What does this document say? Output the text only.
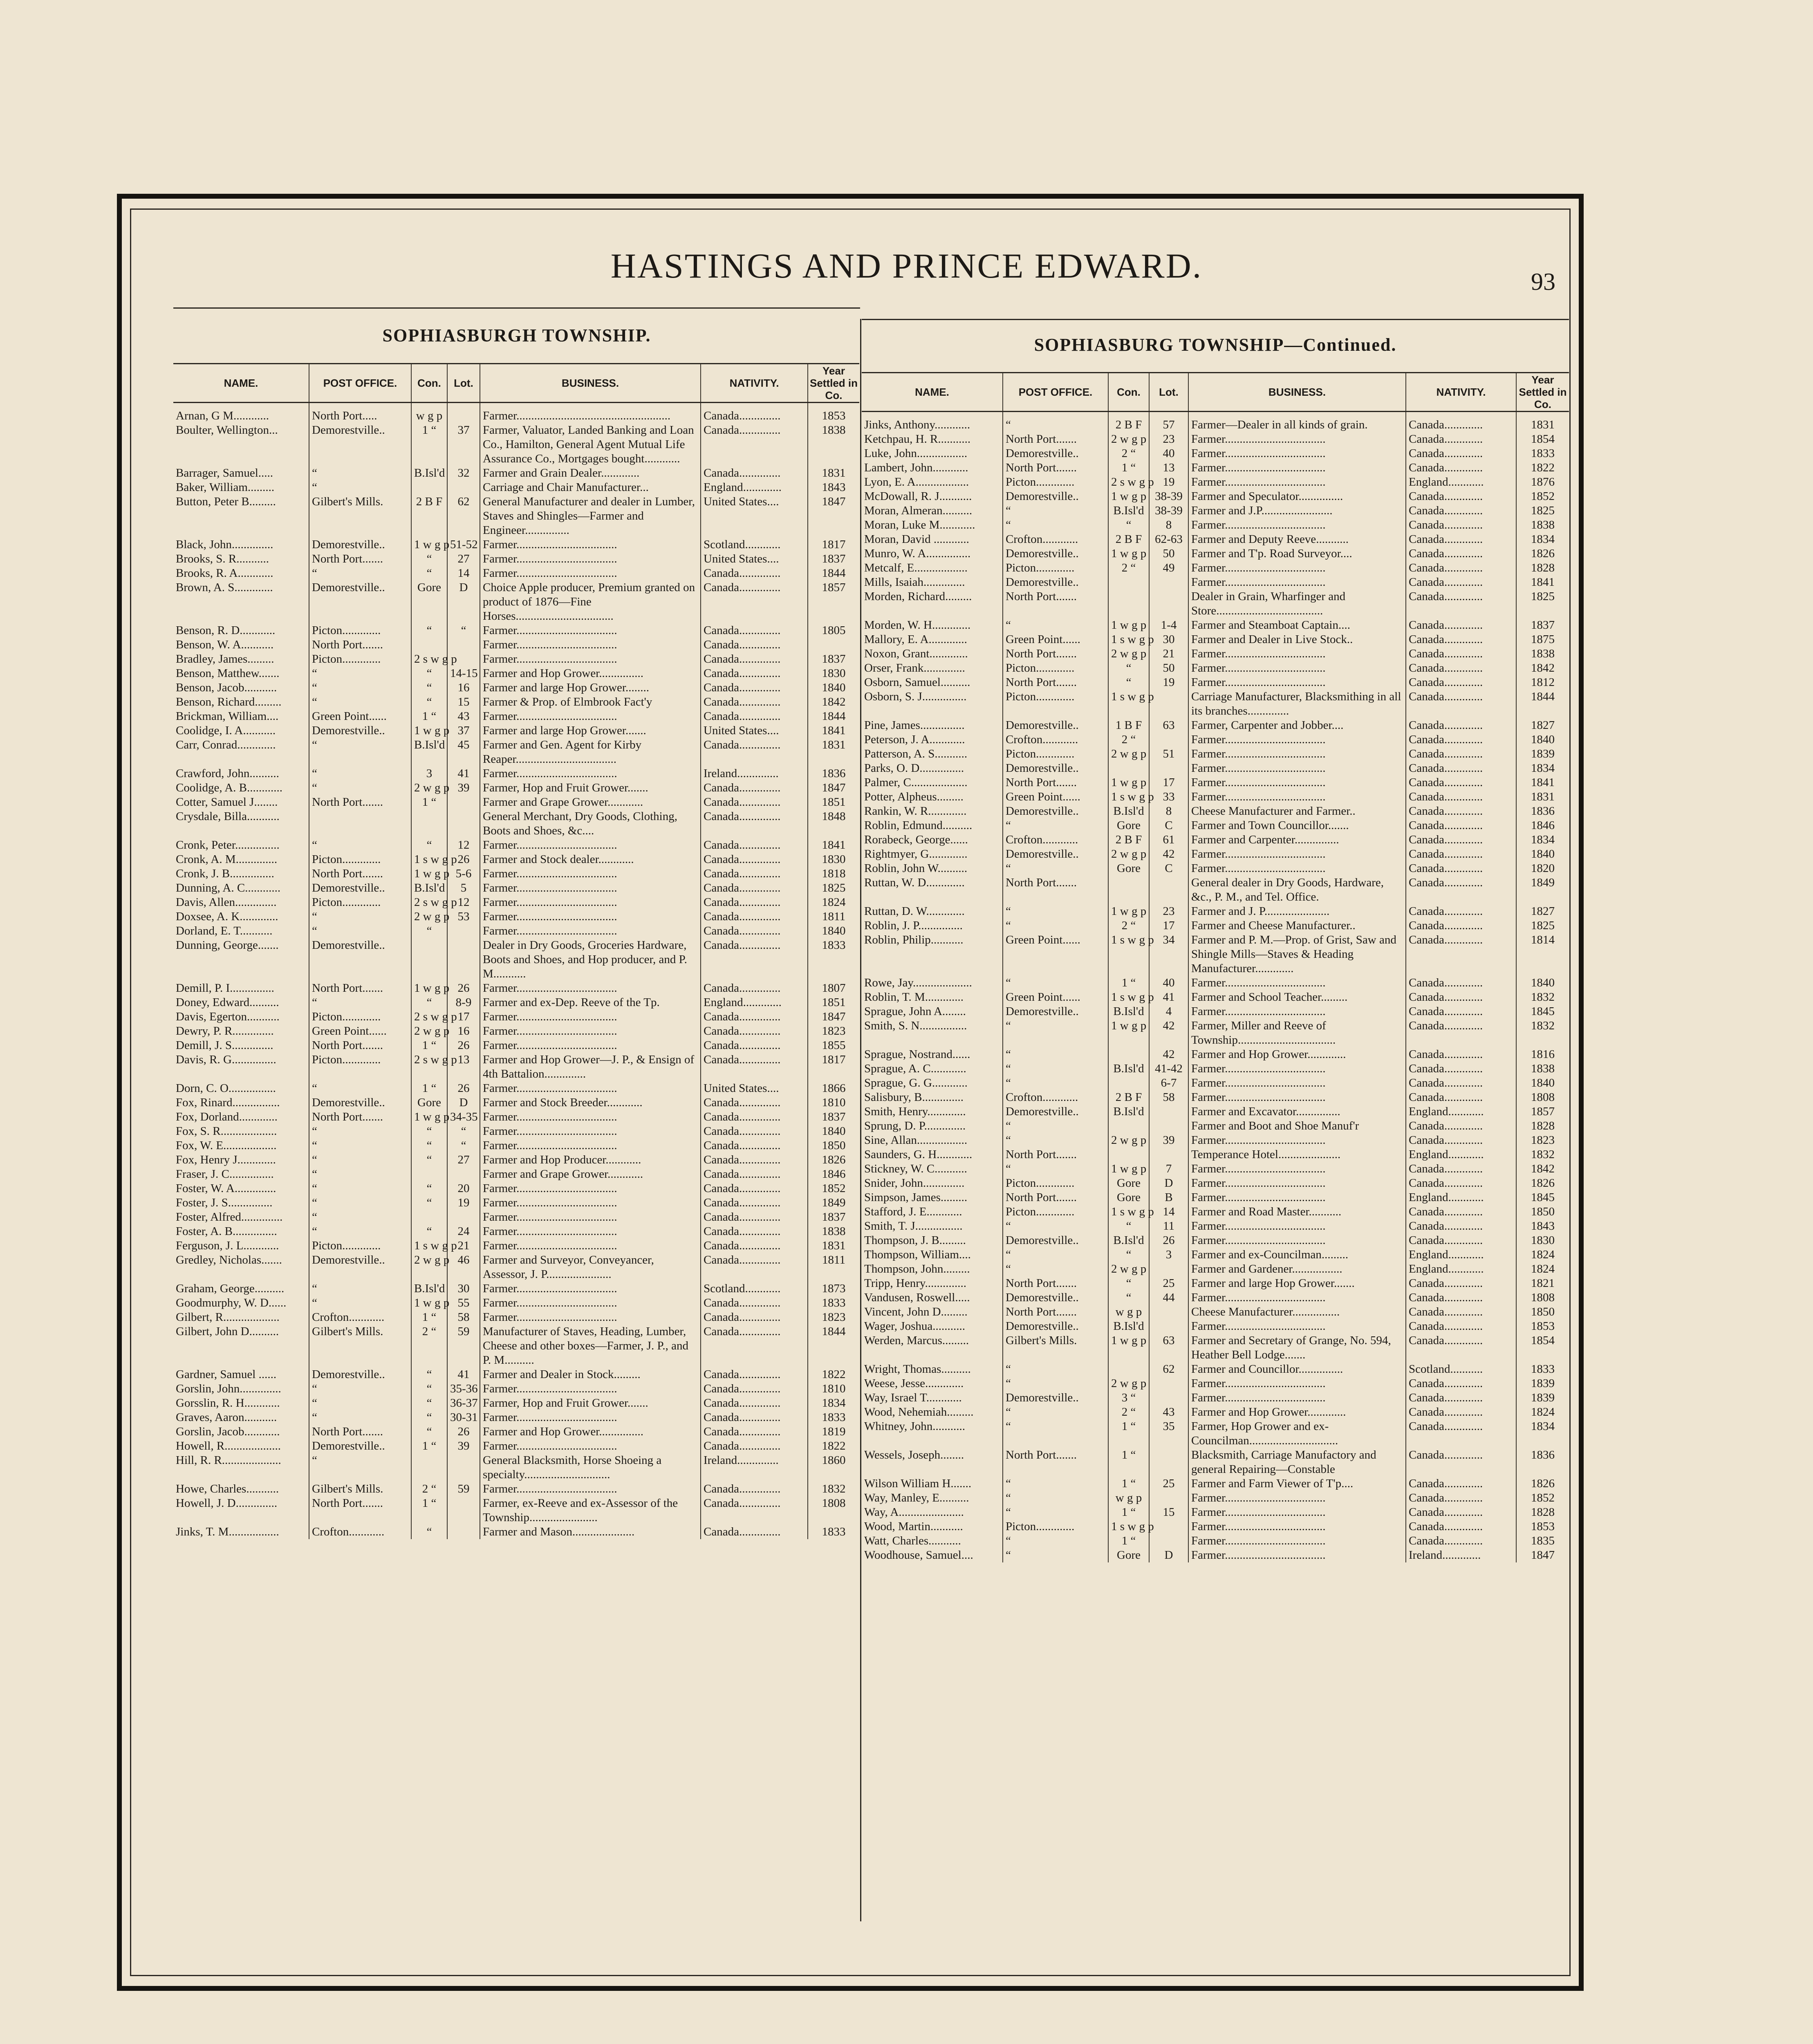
HASTINGS AND PRINCE EDWARD.	93
SOPHIASBURGH TOWNSHIP.	SOPHIASBURG TOWNSHIP—Continued.
NAME.	POST OFFICE.	Con.	Lot.	BUSINESS.	NATIVITY.	Year Settled in Co.
Arnan, G M............	North Port.....	w g p		Farmer....................................................	Canada..............	1853
Boulter, Wellington...	Demorestville..	1 “	37	Farmer, Valuator, Landed Banking and Loan Co., Hamilton, General Agent Mutual Life Assurance Co., Mortgages bought............	Canada..............	1838
Barrager, Samuel.....	“	B.Isl'd	32	Farmer and Grain Dealer.............	Canada..............	1831
Baker, William.........	“			Carriage and Chair Manufacturer...	England.............	1843
Button, Peter B.........	Gilbert's Mills.	2 B F	62	General Manufacturer and dealer in Lumber, Staves and Shingles—Farmer and Engineer...............	United States....	1847
Black, John..............	Demorestville..	1 w g p	51-52	Farmer..................................	Scotland............	1817
Brooks, S. R...........	North Port.......	“	27	Farmer..................................	United States....	1837
Brooks, R. A............	“	“	14	Farmer..................................	Canada..............	1844
Brown, A. S.............	Demorestville..	Gore	D	Choice Apple producer, Premium granted on product of 1876—Fine Horses.................................	Canada..............	1857
Benson, R. D............	Picton.............	“	“	Farmer..................................	Canada..............	1805
Benson, W. A...........	North Port.......			Farmer..................................	Canada..............	
Bradley, James.........	Picton.............	2 s w g p		Farmer..................................	Canada..............	1837
Benson, Matthew.......	“	“	14-15	Farmer and Hop Grower...............	Canada..............	1830
Benson, Jacob...........	“	“	16	Farmer and large Hop Grower........	Canada..............	1840
Benson, Richard.........	“	“	15	Farmer & Prop. of Elmbrook Fact'y	Canada..............	1842
Brickman, William....	Green Point......	1 “	43	Farmer..................................	Canada..............	1844
Coolidge, I. A...........	Demorestville..	1 w g p	37	Farmer and large Hop Grower.......	United States....	1841
Carr, Conrad.............	“	B.Isl'd	45	Farmer and Gen. Agent for Kirby Reaper..................................	Canada..............	1831
Crawford, John..........	“	3	41	Farmer..................................	Ireland..............	1836
Coolidge, A. B............	“	2 w g p	39	Farmer, Hop and Fruit Grower.......	Canada..............	1847
Cotter, Samuel J........	North Port.......	1 “		Farmer and Grape Grower............	Canada..............	1851
Crysdale, Billa...........				General Merchant, Dry Goods, Clothing, Boots and Shoes, &c....	Canada..............	1848
Cronk, Peter...............	“	“	12	Farmer..................................	Canada..............	1841
Cronk, A. M..............	Picton.............	1 s w g p	26	Farmer and Stock dealer............	Canada..............	1830
Cronk, J. B...............	North Port.......	1 w g p	5-6	Farmer..................................	Canada..............	1818
Dunning, A. C............	Demorestville..	B.Isl'd	5	Farmer..................................	Canada..............	1825
Davis, Allen..............	Picton.............	2 s w g p	12	Farmer..................................	Canada..............	1824
Doxsee, A. K.............	“	2 w g p	53	Farmer..................................	Canada..............	1811
Dorland, E. T...........	“	“		Farmer..................................	Canada..............	1840
Dunning, George.......	Demorestville..			Dealer in Dry Goods, Groceries Hardware, Boots and Shoes, and Hop producer, and P. M...........	Canada..............	1833
Demill, P. I...............	North Port.......	1 w g p	26	Farmer..................................	Canada..............	1807
Doney, Edward..........	“	“	8-9	Farmer and ex-Dep. Reeve of the Tp.	England.............	1851
Davis, Egerton...........	Picton.............	2 s w g p	17	Farmer..................................	Canada..............	1847
Dewry, P. R..............	Green Point......	2 w g p	16	Farmer..................................	Canada..............	1823
Demill, J. S..............	North Port.......	1 “	26	Farmer..................................	Canada..............	1855
Davis, R. G...............	Picton.............	2 s w g p	13	Farmer and Hop Grower—J. P., & Ensign of 4th Battalion..............	Canada..............	1817
Dorn, C. O................	“	1 “	26	Farmer..................................	United States....	1866
Fox, Rinard................	Demorestville..	Gore	D	Farmer and Stock Breeder............	Canada..............	1810
Fox, Dorland.............	North Port.......	1 w g p	34-35	Farmer..................................	Canada..............	1837
Fox, S. R...................	“	“	“	Farmer..................................	Canada..............	1840
Fox, W. E..................	“	“	“	Farmer..................................	Canada..............	1850
Fox, Henry J.............	“	“	27	Farmer and Hop Producer............	Canada..............	1826
Fraser, J. C...............	“			Farmer and Grape Grower............	Canada..............	1846
Foster, W. A..............	“	“	20	Farmer..................................	Canada..............	1852
Foster, J. S...............	“	“	19	Farmer..................................	Canada..............	1849
Foster, Alfred..............	“			Farmer..................................	Canada..............	1837
Foster, A. B...............	“	“	24	Farmer..................................	Canada..............	1838
Ferguson, J. L............	Picton.............	1 s w g p	21	Farmer..................................	Canada..............	1831
Gredley, Nicholas.......	Demorestville..	2 w g p	46	Farmer and Surveyor, Conveyancer, Assessor, J. P......................	Canada..............	1811
Graham, George..........	“	B.Isl'd	30	Farmer..................................	Scotland............	1873
Goodmurphy, W. D......	“	1 w g p	55	Farmer..................................	Canada..............	1833
Gilbert, R...................	Crofton............	1 “	58	Farmer..................................	Canada..............	1823
Gilbert, John D..........	Gilbert's Mills.	2 “	59	Manufacturer of Staves, Heading, Lumber, Cheese and other boxes—Farmer, J. P., and P. M..........	Canada..............	1844
Gardner, Samuel ......	Demorestville..	“	41	Farmer and Dealer in Stock.........	Canada..............	1822
Gorslin, John..............	“	“	35-36	Farmer..................................	Canada..............	1810
Gorsslin, R. H............	“	“	36-37	Farmer, Hop and Fruit Grower.......	Canada..............	1834
Graves, Aaron...........	“	“	30-31	Farmer..................................	Canada..............	1833
Gorslin, Jacob............	North Port.......	“	26	Farmer and Hop Grower...............	Canada..............	1819
Howell, R...................	Demorestville..	1 “	39	Farmer..................................	Canada..............	1822
Hill, R. R....................	“			General Blacksmith, Horse Shoeing a specialty.............................	Ireland..............	1860
Howe, Charles...........	Gilbert's Mills.	2 “	59	Farmer..................................	Canada..............	1832
Howell, J. D..............	North Port.......	1 “		Farmer, ex-Reeve and ex-Assessor of the Township.......................	Canada..............	1808
Jinks, T. M.................	Crofton............	“		Farmer and Mason.....................	Canada..............	1833
NAME.	POST OFFICE.	Con.	Lot.	BUSINESS.	NATIVITY.	Year Settled in Co.
Jinks, Anthony............	“	2 B F	57	Farmer—Dealer in all kinds of grain.	Canada.............	1831
Ketchpau, H. R...........	North Port.......	2 w g p	23	Farmer..................................	Canada.............	1854
Luke, John.................	Demorestville..	2 “	40	Farmer..................................	Canada.............	1833
Lambert, John............	North Port.......	1 “	13	Farmer..................................	Canada.............	1822
Lyon, E. A..................	Picton.............	2 s w g p	19	Farmer..................................	England............	1876
McDowall, R. J...........	Demorestville..	1 w g p	38-39	Farmer and Speculator...............	Canada.............	1852
Moran, Almeran..........	“	B.Isl'd	38-39	Farmer and J.P........................	Canada.............	1825
Moran, Luke M............	“	“	8	Farmer..................................	Canada.............	1838
Moran, David ............	Crofton............	2 B F	62-63	Farmer and Deputy Reeve...........	Canada.............	1834
Munro, W. A...............	Demorestville..	1 w g p	50	Farmer and T'p. Road Surveyor....	Canada.............	1826
Metcalf, E..................	Picton.............	2 “	49	Farmer..................................	Canada.............	1828
Mills, Isaiah..............	Demorestville..			Farmer..................................	Canada.............	1841
Morden, Richard.........	North Port.......			Dealer in Grain, Wharfinger and Store....................................	Canada.............	1825
Morden, W. H.............	“	1 w g p	1-4	Farmer and Steamboat Captain....	Canada.............	1837
Mallory, E. A.............	Green Point......	1 s w g p	30	Farmer and Dealer in Live Stock..	Canada.............	1875
Noxon, Grant.............	North Port.......	2 w g p	21	Farmer..................................	Canada.............	1838
Orser, Frank..............	Picton.............	“	50	Farmer..................................	Canada.............	1842
Osborn, Samuel..........	North Port.......	“	19	Farmer..................................	Canada.............	1812
Osborn, S. J...............	Picton.............	1 s w g p		Carriage Manufacturer, Blacksmithing in all its branches..............	Canada.............	1844
Pine, James...............	Demorestville..	1 B F	63	Farmer, Carpenter and Jobber....	Canada.............	1827
Peterson, J. A............	Crofton............	2 “		Farmer..................................	Canada.............	1840
Patterson, A. S...........	Picton.............	2 w g p	51	Farmer..................................	Canada.............	1839
Parks, O. D...............	Demorestville..			Farmer..................................	Canada.............	1834
Palmer, C...................	North Port.......	1 w g p	17	Farmer..................................	Canada.............	1841
Potter, Alpheus.........	Green Point......	1 s w g p	33	Farmer..................................	Canada.............	1831
Rankin, W. R.............	Demorestville..	B.Isl'd	8	Cheese Manufacturer and Farmer..	Canada.............	1836
Roblin, Edmund..........	“	Gore	C	Farmer and Town Councillor.......	Canada.............	1846
Rorabeck, George......	Crofton............	2 B F	61	Farmer and Carpenter...............	Canada.............	1834
Rightmyer, G.............	Demorestville..	2 w g p	42	Farmer..................................	Canada.............	1840
Roblin, John W..........	“	Gore	C	Farmer..................................	Canada.............	1820
Ruttan, W. D.............	North Port.......			General dealer in Dry Goods, Hardware, &c., P. M., and Tel. Office.	Canada.............	1849
Ruttan, D. W.............	“	1 w g p	23	Farmer and J. P......................	Canada.............	1827
Roblin, J. P...............	“	2 “	17	Farmer and Cheese Manufacturer..	Canada.............	1825
Roblin, Philip...........	Green Point......	1 s w g p	34	Farmer and P. M.—Prop. of Grist, Saw and Shingle Mills—Staves & Heading Manufacturer.............	Canada.............	1814
Rowe, Jay....................	“	1 “	40	Farmer..................................	Canada.............	1840
Roblin, T. M.............	Green Point......	1 s w g p	41	Farmer and School Teacher.........	Canada.............	1832
Sprague, John A........	Demorestville..	B.Isl'd	4	Farmer..................................	Canada.............	1845
Smith, S. N................	“	1 w g p	42	Farmer, Miller and Reeve of Township.................................	Canada.............	1832
Sprague, Nostrand......	“		42	Farmer and Hop Grower.............	Canada.............	1816
Sprague, A. C............	“	B.Isl'd	41-42	Farmer..................................	Canada.............	1838
Sprague, G. G............	“		6-7	Farmer..................................	Canada.............	1840
Salisbury, B..............	Crofton............	2 B F	58	Farmer..................................	Canada.............	1808
Smith, Henry.............	Demorestville..	B.Isl'd		Farmer and Excavator...............	England............	1857
Sprung, D. P..............	“			Farmer and Boot and Shoe Manuf'r	Canada.............	1828
Sine, Allan.................	“	2 w g p	39	Farmer..................................	Canada.............	1823
Saunders, G. H............	North Port.......			Temperance Hotel.....................	England............	1832
Stickney, W. C...........	“	1 w g p	7	Farmer..................................	Canada.............	1842
Snider, John..............	Picton.............	Gore	D	Farmer..................................	Canada.............	1826
Simpson, James.........	North Port.......	Gore	B	Farmer..................................	England............	1845
Stafford, J. E............	Picton.............	1 s w g p	14	Farmer and Road Master...........	Canada.............	1850
Smith, T. J................	“	“	11	Farmer..................................	Canada.............	1843
Thompson, J. B.........	Demorestville..	B.Isl'd	26	Farmer..................................	Canada.............	1830
Thompson, William....	“	“	3	Farmer and ex-Councilman.........	England............	1824
Thompson, John.........	“	2 w g p		Farmer and Gardener.................	England............	1824
Tripp, Henry..............	North Port.......	“	25	Farmer and large Hop Grower.......	Canada.............	1821
Vandusen, Roswell.....	Demorestville..	“	44	Farmer..................................	Canada.............	1808
Vincent, John D.........	North Port.......	w g p		Cheese Manufacturer................	Canada.............	1850
Wager, Joshua...........	Demorestville..	B.Isl'd		Farmer..................................	Canada.............	1853
Werden, Marcus.........	Gilbert's Mills.	1 w g p	63	Farmer and Secretary of Grange, No. 594, Heather Bell Lodge.......	Canada.............	1854
Wright, Thomas..........	“		62	Farmer and Councillor...............	Scotland...........	1833
Weese, Jesse.............	“	2 w g p		Farmer..................................	Canada.............	1839
Way, Israel T............	Demorestville..	3 “		Farmer..................................	Canada.............	1839
Wood, Nehemiah.........	“	2 “	43	Farmer and Hop Grower.............	Canada.............	1824
Whitney, John...........	“	1 “	35	Farmer, Hop Grower and ex-Councilman..............................	Canada.............	1834
Wessels, Joseph........	North Port.......	1 “		Blacksmith, Carriage Manufactory and general Repairing—Constable	Canada.............	1836
Wilson William H.......	“	1 “	25	Farmer and Farm Viewer of T'p....	Canada.............	1826
Way, Manley, E..........	“	w g p		Farmer..................................	Canada.............	1852
Way, A......................	“	1 “	15	Farmer..................................	Canada.............	1828
Wood, Martin...........	Picton.............	1 s w g p		Farmer..................................	Canada.............	1853
Watt, Charles...........	“	1 “		Farmer..................................	Canada.............	1835
Woodhouse, Samuel....	“	Gore	D	Farmer..................................	Ireland.............	1847
